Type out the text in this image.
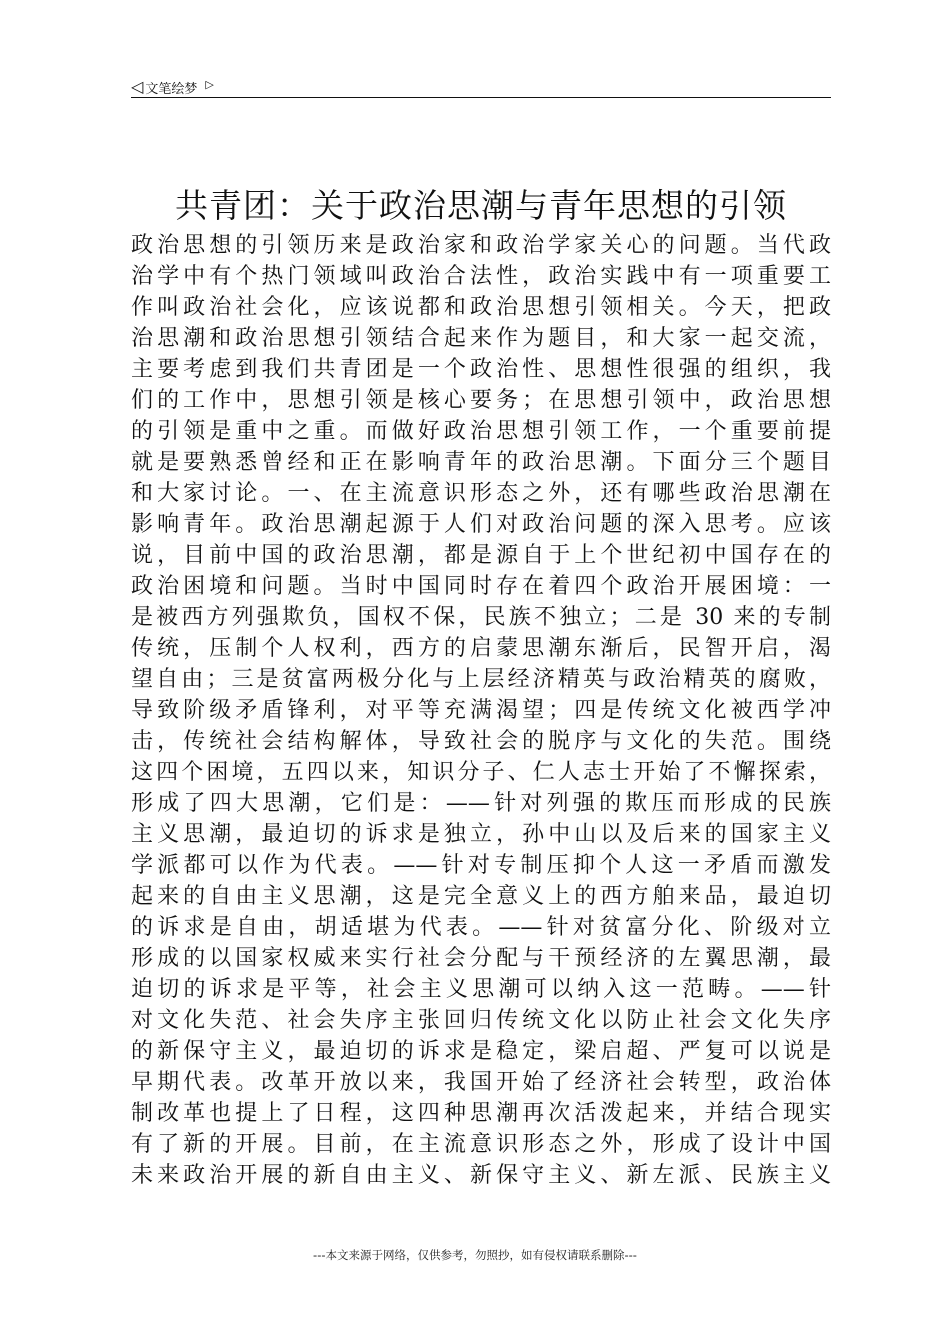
◁ 文笔绘梦 ▷
共青团：关于政治思潮与青年思想的引领
政治思想的引领历来是政治家和政治学家关心的问题。当代政
治学中有个热门领域叫政治合法性，政治实践中有一项重要工
作叫政治社会化，应该说都和政治思想引领相关。今天，把政
治思潮和政治思想引领结合起来作为题目，和大家一起交流，
主要考虑到我们共青团是一个政治性、思想性很强的组织，我
们的工作中，思想引领是核心要务；在思想引领中，政治思想
的引领是重中之重。而做好政治思想引领工作，一个重要前提
就是要熟悉曾经和正在影响青年的政治思潮。下面分三个题目
和大家讨论。一、在主流意识形态之外，还有哪些政治思潮在
影响青年。政治思潮起源于人们对政治问题的深入思考。应该
说，目前中国的政治思潮，都是源自于上个世纪初中国存在的
政治困境和问题。当时中国同时存在着四个政治开展困境：一
是被西方列强欺负，国权不保，民族不独立；二是 30 来的专制
传统，压制个人权利，西方的启蒙思潮东渐后，民智开启，渴
望自由；三是贫富两极分化与上层经济精英与政治精英的腐败，
导致阶级矛盾锋利，对平等充满渴望；四是传统文化被西学冲
击，传统社会结构解体，导致社会的脱序与文化的失范。围绕
这四个困境，五四以来，知识分子、仁人志士开始了不懈探索，
形成了四大思潮，它们是：——针对列强的欺压而形成的民族
主义思潮，最迫切的诉求是独立，孙中山以及后来的国家主义
学派都可以作为代表。——针对专制压抑个人这一矛盾而激发
起来的自由主义思潮，这是完全意义上的西方舶来品，最迫切
的诉求是自由，胡适堪为代表。——针对贫富分化、阶级对立
形成的以国家权威来实行社会分配与干预经济的左翼思潮，最
迫切的诉求是平等，社会主义思潮可以纳入这一范畴。——针
对文化失范、社会失序主张回归传统文化以防止社会文化失序
的新保守主义，最迫切的诉求是稳定，梁启超、严复可以说是
早期代表。改革开放以来，我国开始了经济社会转型，政治体
制改革也提上了日程，这四种思潮再次活泼起来，并结合现实
有了新的开展。目前，在主流意识形态之外，形成了设计中国
未来政治开展的新自由主义、新保守主义、新左派、民族主义
---本文来源于网络，仅供参考，勿照抄，如有侵权请联系删除---
